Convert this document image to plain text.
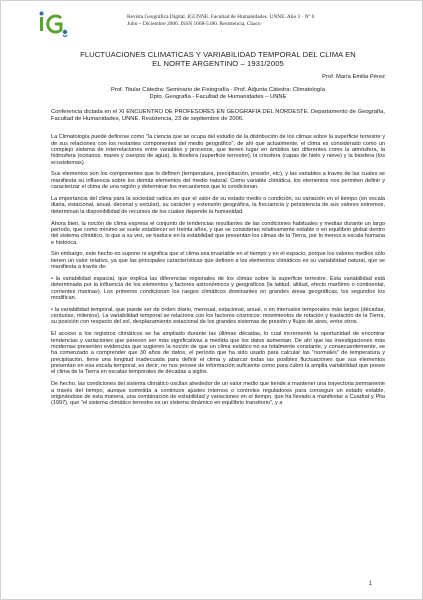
Revista Geográfica Digital. IGUNNE. Facultad de Humanidades. UNNE. Año 3 · Nº 6
Julio – Diciembre 2006. ISSN 1668-5180. Resistencia, Chaco
FLUCTUACIONES CLIMATICAS Y VARIABILIDAD TEMPORAL DEL CLIMA EN
EL NORTE ARGENTINO – 1931/2005
Prof. María Emilia Pérez
Prof. Titular Cátedra: Seminario de Fisiografía - Prof. Adjunta Cátedra: Climatología
Dpto. Geografía - Facultad de Humanidades – UNNE
Conferencia dictada en el XI ENCUENTRO DE PROFESORES EN GEOGRAFIA DEL NORDESTE. Departamento de Geografía, Facultad de Humanidades, UNNE. Resistencia, 23 de septiembre de 2006.
La Climatología puede definirse como "la ciencia que se ocupa del estudio de la distribución de los climas sobre la superficie terrestre y de sus relaciones con los restantes componentes del medio geográfico", de ahí que actualmente, el clima es considerado como un complejo sistema de interrelaciones entre variables y procesos, que tienen lugar en ámbitos tan diferentes como la atmósfera, la hidrosfera (océanos, mares y cuerpos de agua), la litosfera (superficie terrestre), la criosfera (capas de hielo y nieve) y la biosfera (los ecosistemas).
Sus elementos son los componentes que lo definen (temperatura, precipitación, presión, etc), y las variables a través de las cuales se manifiesta su influencia sobre los demás elementos del medio natural. Como variable climática, los elementos nos permiten definir y caracterizar el clima de una región y determinar los mecanismos que lo condicionan.
La importancia del clima para la sociedad radica en que el valor de su estado medio o condición, su variación en el tiempo (en escala diaria, estacional, anual, decenal y secular), su carácter y extensión geográfica, la frecuencia y persistencia de sus valores extremos, determinan la disponibilidad de recursos de los cuales depende la humanidad.
Ahora bien, la noción de clima expresa el conjunto de tendencias resultantes de las condiciones habituales y medias durante un largo período, que como mínimo se suele establecer en treinta años, y que se consideran relativamente estable o en equilibrio global dentro del sistema climático, lo que a su vez, se traduce en la estabilidad que presentan los climas de la Tierra, por lo menos a escala humana e histórica.
Sin embargo, este hecho no supone ni significa que el clima sea invariable en el tiempo y en el espacio, porque los valores medios sólo tienen un valor relativo, ya que las principales características que definen a los elementos climáticos es su variabilidad natural, que se manifiesta a través de:
• la variabilidad espacial, que explica las diferencias regionales de los climas sobre la superficie terrestre. Esta variabilidad está determinada por la influencia de los elementos y factores astronómicos y geográficos (la latitud, altitud, efecto marítimo o continental, corrientes marinas). Los primeros condicionan los rasgos climáticos dominantes en grandes áreas geográficas, los segundos los modifican.
• la variabilidad temporal, que puede ser de orden diario, mensual, estacional, anual, o en intervalos temporales más largos (décadas, centurias, milenios). La variabilidad temporal se relaciona con los factores cósmicos: movimientos de rotación y traslación de la Tierra, su posición con respecto del sol, desplazamiento estacional de los grandes sistemas de presión y flujos de aires, entre otros.
El acceso a los registros climáticos se ha ampliado durante las últimas décadas, lo cual incrementó la oportunidad de encontrar tendencias y variaciones que parecen ser más significativas a medida que los datos aumentan. De ahí que las investigaciones más modernas presenten evidencias que sugieren la noción de que un clima estático no es totalmente constante, y consecuentemente, se ha comenzado a comprender que 30 años de datos, el período que ha sido usado para calcular las "normales" de temperatura y precipitación, tiene una longitud inadecuada para definir el clima y abarcar todas las posibles fluctuaciones que sus elementos presentan en esa escala temporal, es decir, no nos provee de información suficiente como para cubrir la amplia variabilidad que posee el clima de la Tierra en escalas temporales de décadas a siglos.
De hecho, las condiciones del sistema climático oscilan alrededor de un valor medio que tiende a mantener una trayectoria permanente a través del tiempo, aunque sometida a continuos ajustes internos o controles reguladores para conseguir un estado estable, originándose de esta manera, una combinación de estabilidad y variaciones en el tiempo, que ha llevado a manifestar a Cuadrat y Pita (1997), que "el sistema climático terrestre es un sistema dinámico en equilibrio transitorio", y a
1
